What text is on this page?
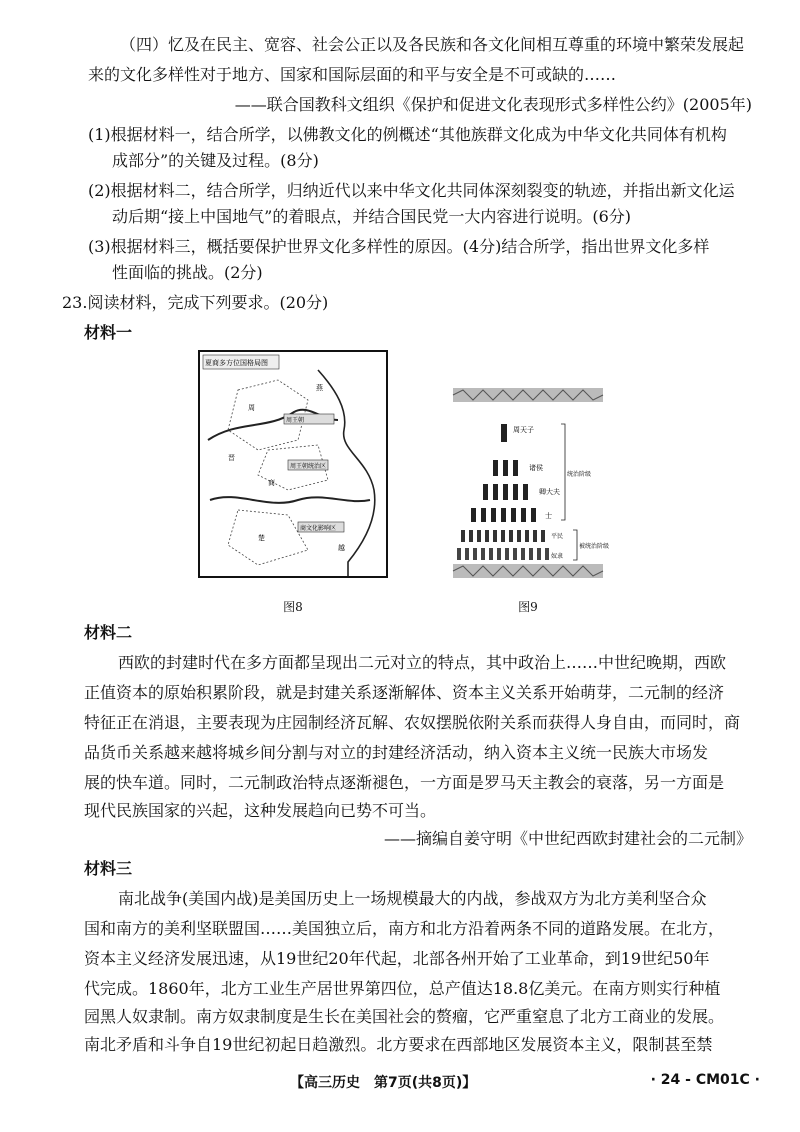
（四）忆及在民主、宽容、社会公正以及各民族和各文化间相互尊重的环境中繁荣发展起
来的文化多样性对于地方、国家和国际层面的和平与安全是不可或缺的……
——联合国教科文组织《保护和促进文化表现形式多样性公约》(2005年)
(1)根据材料一，结合所学，以佛教文化的例概述“其他族群文化成为中华文化共同体有机构
成部分”的关键及过程。(8分)
(2)根据材料二，结合所学，归纳近代以来中华文化共同体深刻裂变的轨迹，并指出新文化运
动后期“接上中国地气”的着眼点，并结合国民党一大内容进行说明。(6分)
(3)根据材料三，概括要保护世界文化多样性的原因。(4分)结合所学，指出世界文化多样
性面临的挑战。(2分)
23.阅读材料，完成下列要求。(20分)
材料一
夏商多方位国格局图
周王朝
周王朝统治区
商文化影响区
周
商
楚
越
燕
晋
图8
周天子
诸侯
卿大夫
士
平民
奴隶
统治阶级
被统治阶级
图9
材料二
西欧的封建时代在多方面都呈现出二元对立的特点，其中政治上……中世纪晚期，西欧
正值资本的原始积累阶段，就是封建关系逐渐解体、资本主义关系开始萌芽，二元制的经济
特征正在消退，主要表现为庄园制经济瓦解、农奴摆脱依附关系而获得人身自由，而同时，商
品货币关系越来越将城乡间分割与对立的封建经济活动，纳入资本主义统一民族大市场发
展的快车道。同时，二元制政治特点逐渐褪色，一方面是罗马天主教会的衰落，另一方面是
现代民族国家的兴起，这种发展趋向已势不可当。
——摘编自姜守明《中世纪西欧封建社会的二元制》
材料三
南北战争(美国内战)是美国历史上一场规模最大的内战，参战双方为北方美利坚合众
国和南方的美利坚联盟国……美国独立后，南方和北方沿着两条不同的道路发展。在北方，
资本主义经济发展迅速，从19世纪20年代起，北部各州开始了工业革命，到19世纪50年
代完成。1860年，北方工业生产居世界第四位，总产值达18.8亿美元。在南方则实行种植
园黑人奴隶制。南方奴隶制度是生长在美国社会的赘瘤，它严重窒息了北方工商业的发展。
南北矛盾和斗争自19世纪初起日趋激烈。北方要求在西部地区发展资本主义，限制甚至禁
【高三历史　第7页(共8页)】	· 24 - CM01C ·
